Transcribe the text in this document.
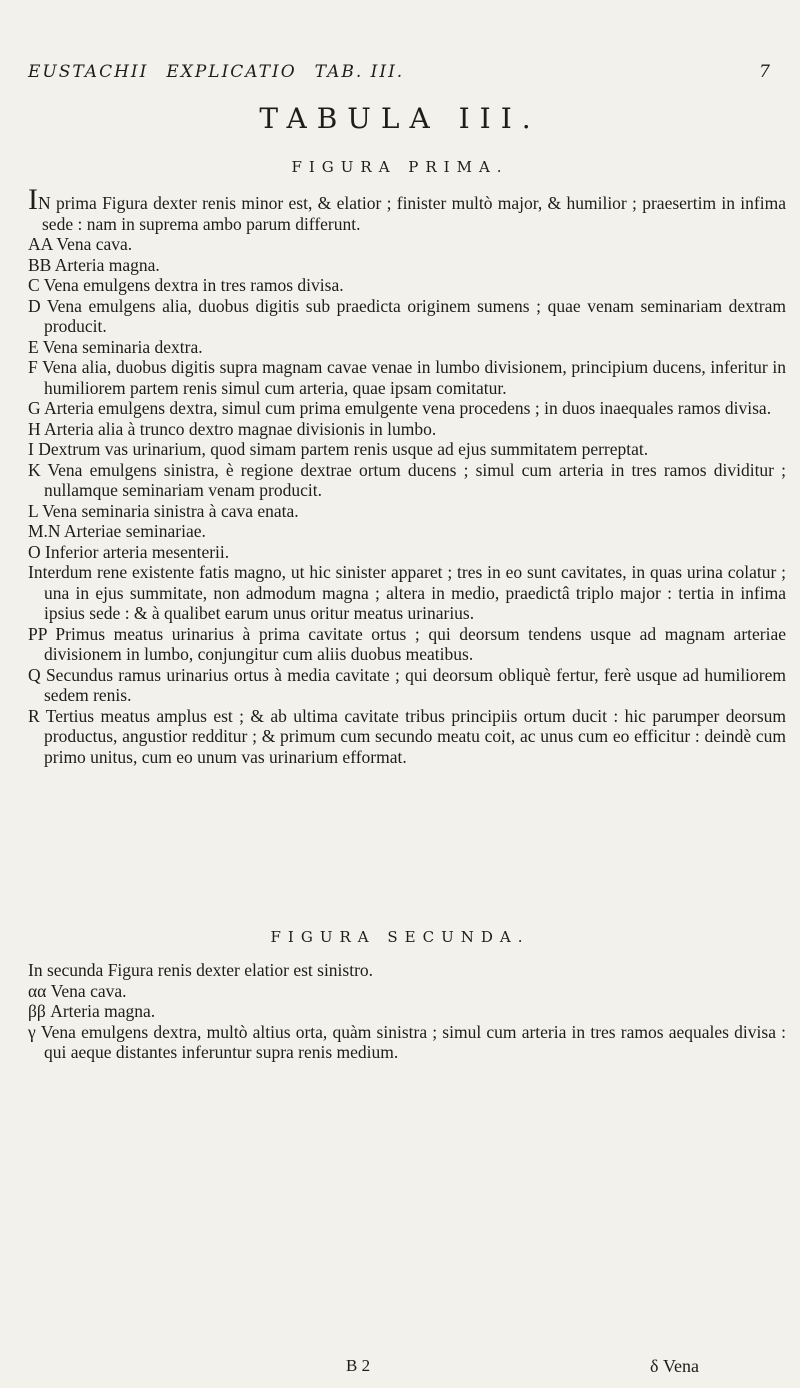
EUSTACHII EXPLICATIO TAB. III.	7
TABULA III.
FIGURA PRIMA.

IN prima Figura dexter renis minor est, & elatior ; finister multò major, & humilior ; praesertim in infima sede : nam in suprema ambo parum differunt.

AA Vena cava.

BB Arteria magna.

C Vena emulgens dextra in tres ramos divisa.

D Vena emulgens alia, duobus digitis sub praedicta originem sumens ; quae venam seminariam dextram producit.

E Vena seminaria dextra.

F Vena alia, duobus digitis supra magnam cavae venae in lumbo divisionem, principium ducens, inferitur in humiliorem partem renis simul cum arteria, quae ipsam comitatur.

G Arteria emulgens dextra, simul cum prima emulgente vena procedens ; in duos inaequales ramos divisa.

H Arteria alia à trunco dextro magnae divisionis in lumbo.

I Dextrum vas urinarium, quod simam partem renis usque ad ejus summitatem perreptat.

K Vena emulgens sinistra, è regione dextrae ortum ducens ; simul cum arteria in tres ramos dividitur ; nullamque seminariam venam producit.

L Vena seminaria sinistra à cava enata.

M.N Arteriae seminariae.

O Inferior arteria mesenterii.

Interdum rene existente fatis magno, ut hic sinister apparet ; tres in eo sunt cavitates, in quas urina colatur ; una in ejus summitate, non admodum magna ; altera in medio, praedictâ triplo major : tertia in infima ipsius sede : & à qualibet earum unus oritur meatus urinarius.

PP Primus meatus urinarius à prima cavitate ortus ; qui deorsum tendens usque ad magnam arteriae divisionem in lumbo, conjungitur cum aliis duobus meatibus.

Q Secundus ramus urinarius ortus à media cavitate ; qui deorsum obliquè fertur, ferè usque ad humiliorem sedem renis.

R Tertius meatus amplus est ; & ab ultima cavitate tribus principiis ortum ducit : hic parumper deorsum productus, angustior redditur ; & primum cum secundo meatu coit, ac unus cum eo efficitur : deindè cum primo unitus, cum eo unum vas urinarium efformat.

FIGURA SECUNDA.

In secunda Figura renis dexter elatior est sinistro.

αα Vena cava.

ββ Arteria magna.

γ Vena emulgens dextra, multò altius orta, quàm sinistra ; simul cum arteria in tres ramos aequales divisa : qui aeque distantes inferuntur supra renis medium.

B 2	δ Vena
